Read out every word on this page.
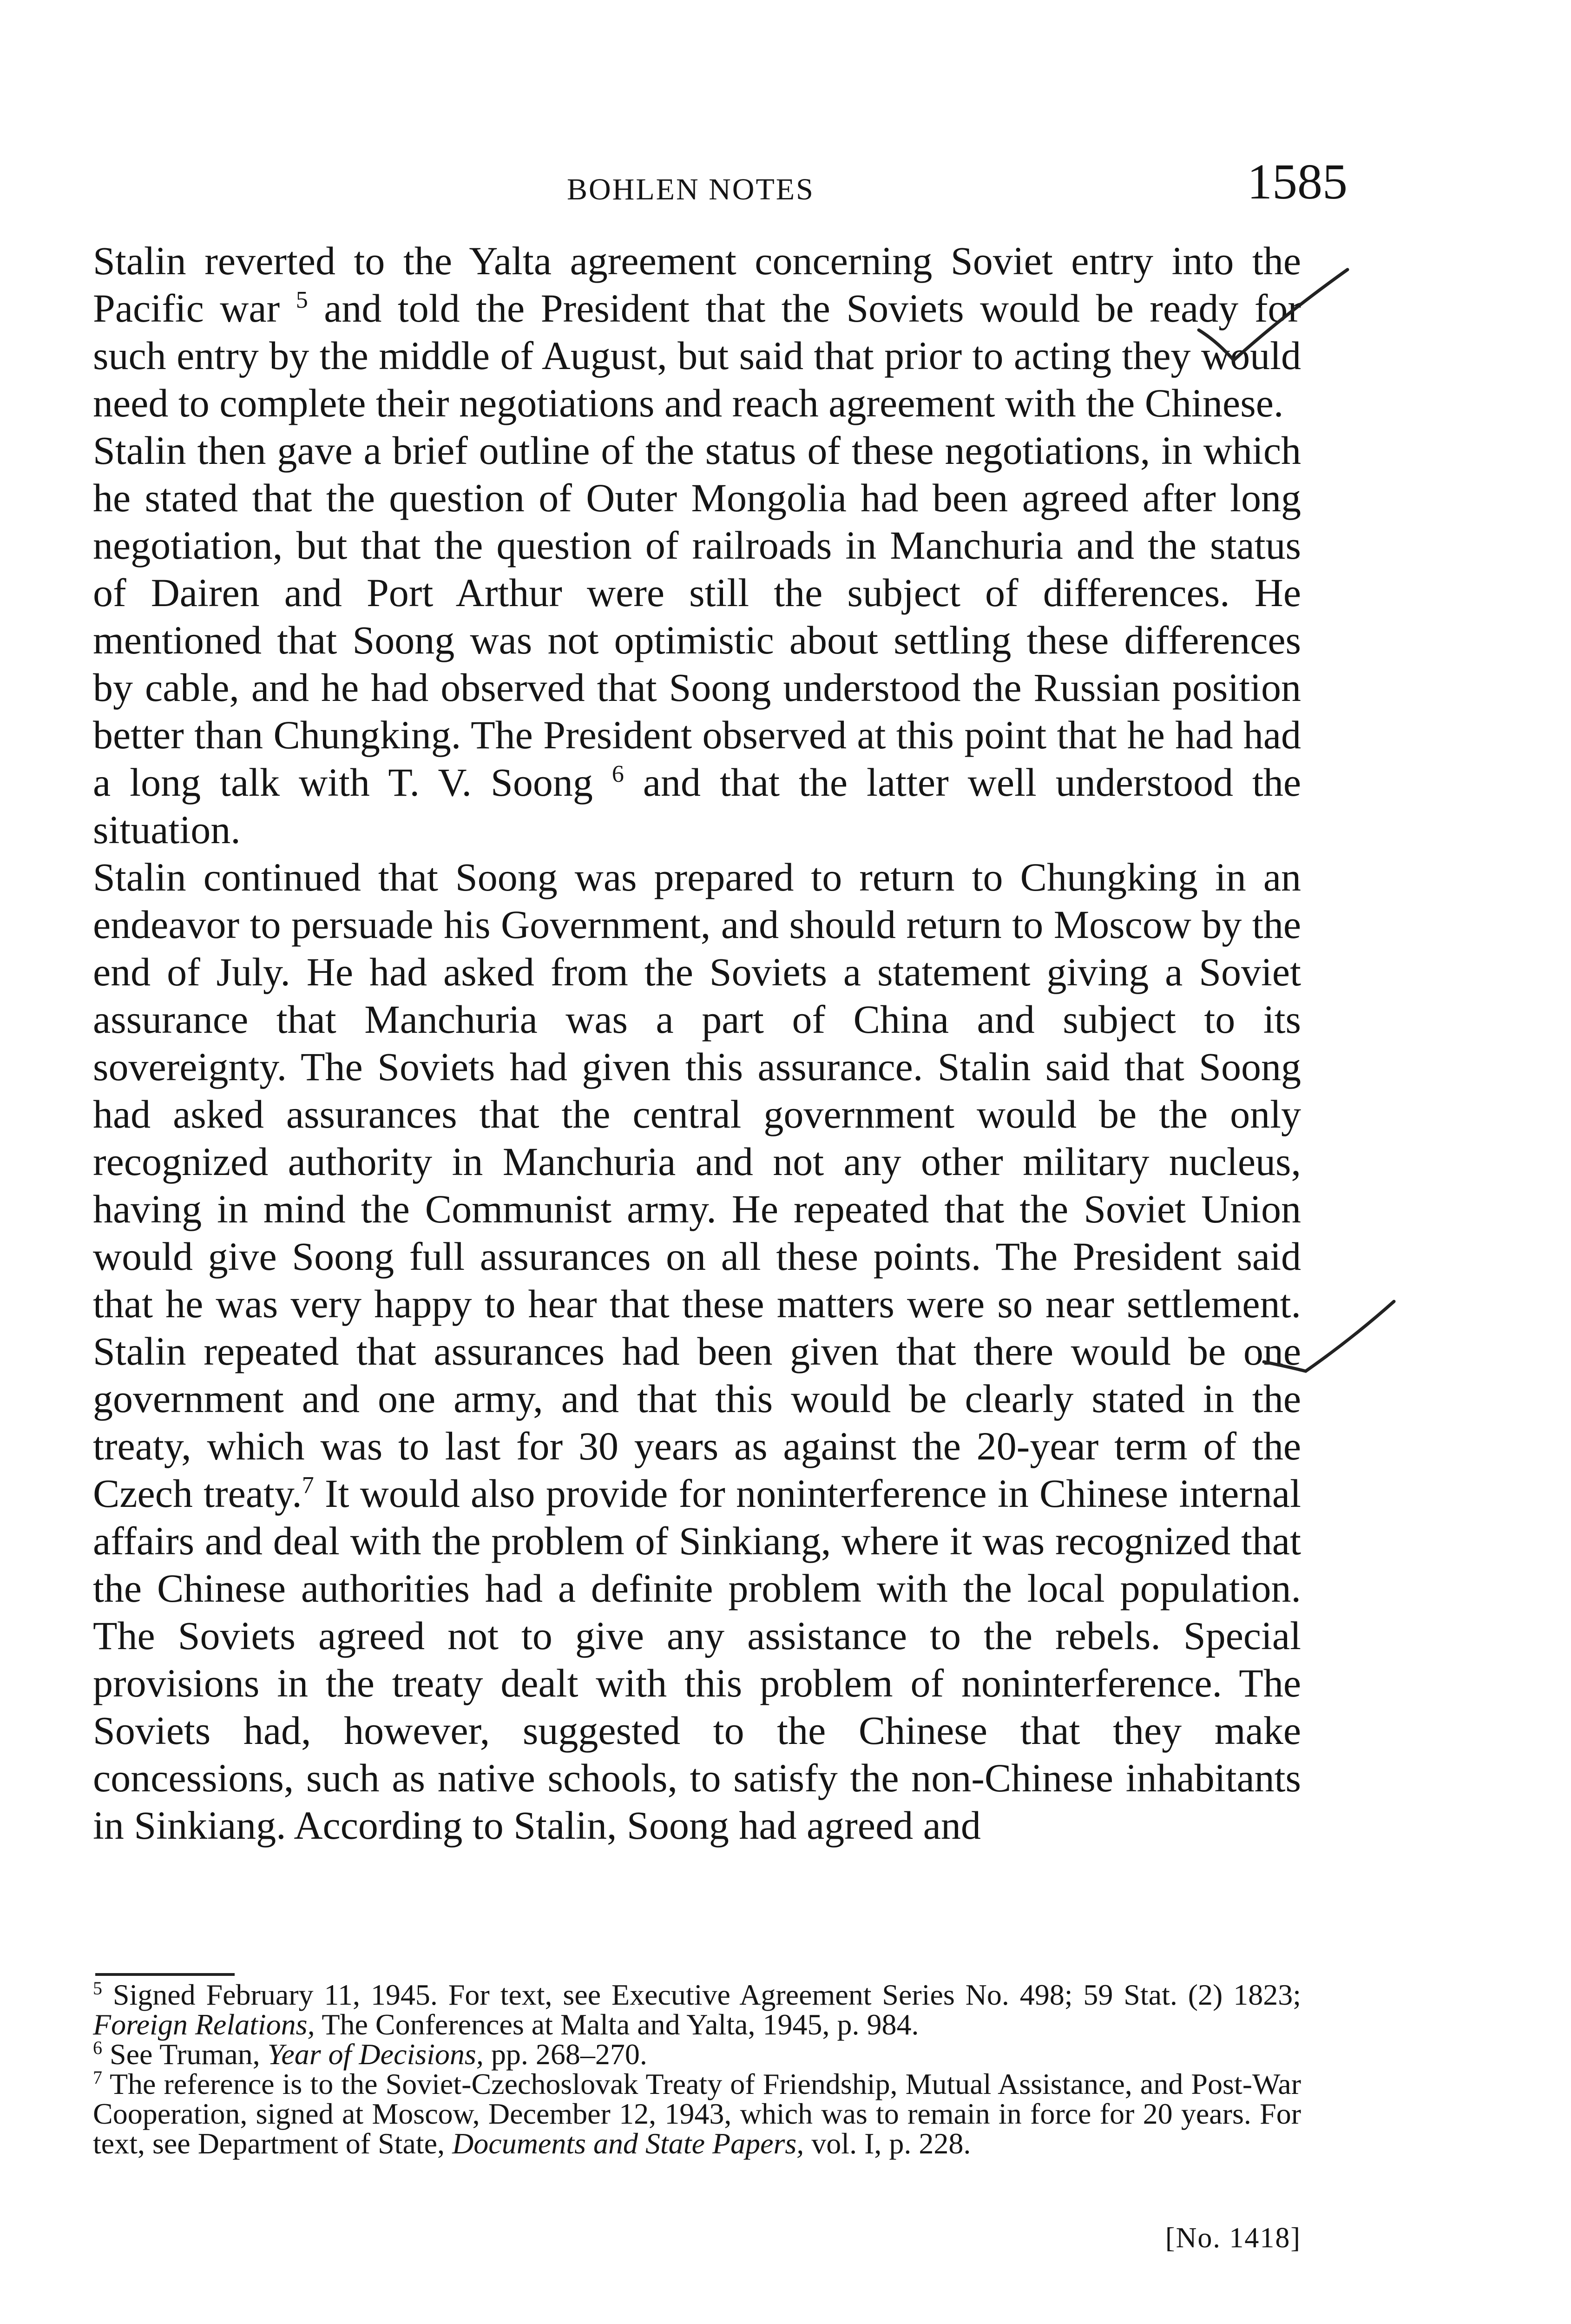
BOHLEN NOTES	1585

Stalin reverted to the Yalta agreement concerning Soviet entry into the Pacific war $^5$ and told the President that the Soviets would be ready for such entry by the middle of August, but said that prior to acting they would need to complete their negotiations and reach agreement with the Chinese.

Stalin then gave a brief outline of the status of these negotiations, in which he stated that the question of Outer Mongolia had been agreed after long negotiation, but that the question of railroads in Manchuria and the status of Dairen and Port Arthur were still the subject of differences. He mentioned that Soong was not optimistic about settling these differences by cable, and he had observed that Soong understood the Russian position better than Chungking. The President observed at this point that he had had a long talk with T. V. Soong $^6$ and that the latter well understood the situation.

Stalin continued that Soong was prepared to return to Chungking in an endeavor to persuade his Government, and should return to Moscow by the end of July. He had asked from the Soviets a statement giving a Soviet assurance that Manchuria was a part of China and subject to its sovereignty. The Soviets had given this assurance. Stalin said that Soong had asked assurances that the central government would be the only recognized authority in Manchuria and not any other military nucleus, having in mind the Communist army. He repeated that the Soviet Union would give Soong full assurances on all these points. The President said that he was very happy to hear that these matters were so near settlement. Stalin repeated that assurances had been given that there would be one government and one army, and that this would be clearly stated in the treaty, which was to last for 30 years as against the 20-year term of the Czech treaty.$^7$ It would also provide for noninterference in Chinese internal affairs and deal with the problem of Sinkiang, where it was recognized that the Chinese authorities had a definite problem with the local population. The Soviets agreed not to give any assistance to the rebels. Special provisions in the treaty dealt with this problem of noninterference. The Soviets had, however, suggested to the Chinese that they make concessions, such as native schools, to satisfy the non-Chinese inhabitants in Sinkiang. According to Stalin, Soong had agreed and

$^5$ Signed February 11, 1945. For text, see Executive Agreement Series No. 498; 59 Stat. (2) 1823; Foreign Relations, The Conferences at Malta and Yalta, 1945, p. 984.

$^6$ See Truman, Year of Decisions, pp. 268–270.

$^7$ The reference is to the Soviet-Czechoslovak Treaty of Friendship, Mutual Assistance, and Post-War Cooperation, signed at Moscow, December 12, 1943, which was to remain in force for 20 years. For text, see Department of State, Documents and State Papers, vol. I, p. 228.

[No. 1418]
